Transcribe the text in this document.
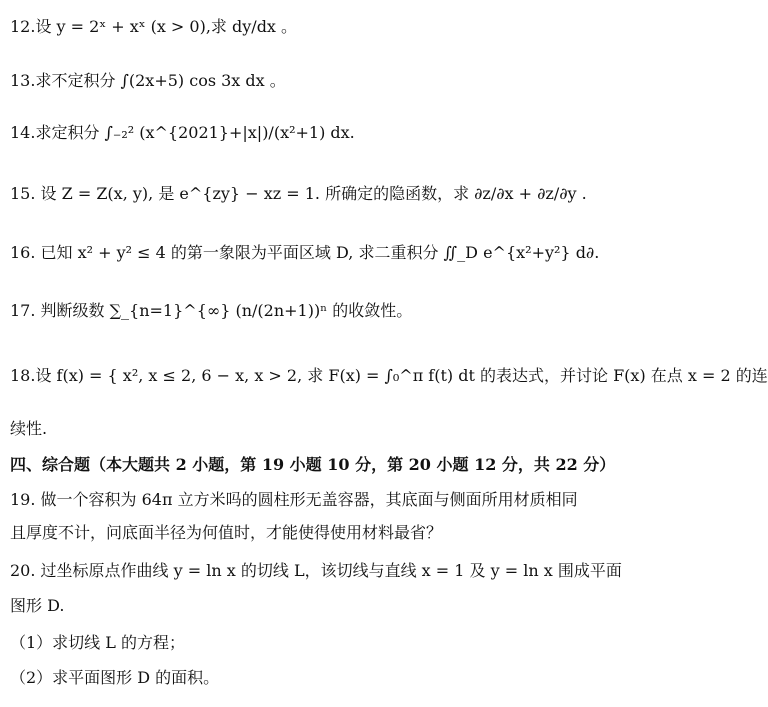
12.设 y = 2ˣ + xˣ (x > 0),求 dy/dx 。
13.求不定积分 ∫(2x+5) cos 3x dx 。
14.求定积分 ∫₋₂² (x^{2021}+|x|)/(x²+1) dx.
15. 设 Z = Z(x, y), 是 e^{zy} − xz = 1. 所确定的隐函数，求 ∂z/∂x + ∂z/∂y .
16. 已知 x² + y² ≤ 4 的第一象限为平面区域 D, 求二重积分 ∬_D e^{x²+y²} d∂.
17. 判断级数 ∑_{n=1}^{∞} (n/(2n+1))ⁿ 的收敛性。
18.设 f(x) = { x², x ≤ 2, 6 − x, x > 2, 求 F(x) = ∫₀^π f(t) dt 的表达式，并讨论 F(x) 在点 x = 2 的连
续性.
四、综合题（本大题共 2 小题，第 19 小题 10 分，第 20 小题 12 分，共 22 分）
19. 做一个容积为 64π 立方米吗的圆柱形无盖容器，其底面与侧面所用材质相同
且厚度不计，问底面半径为何值时，才能使得使用材料最省？
20. 过坐标原点作曲线 y = ln x 的切线 L，该切线与直线 x = 1 及 y = ln x 围成平面
图形 D.
（1）求切线 L 的方程；
（2）求平面图形 D 的面积。
